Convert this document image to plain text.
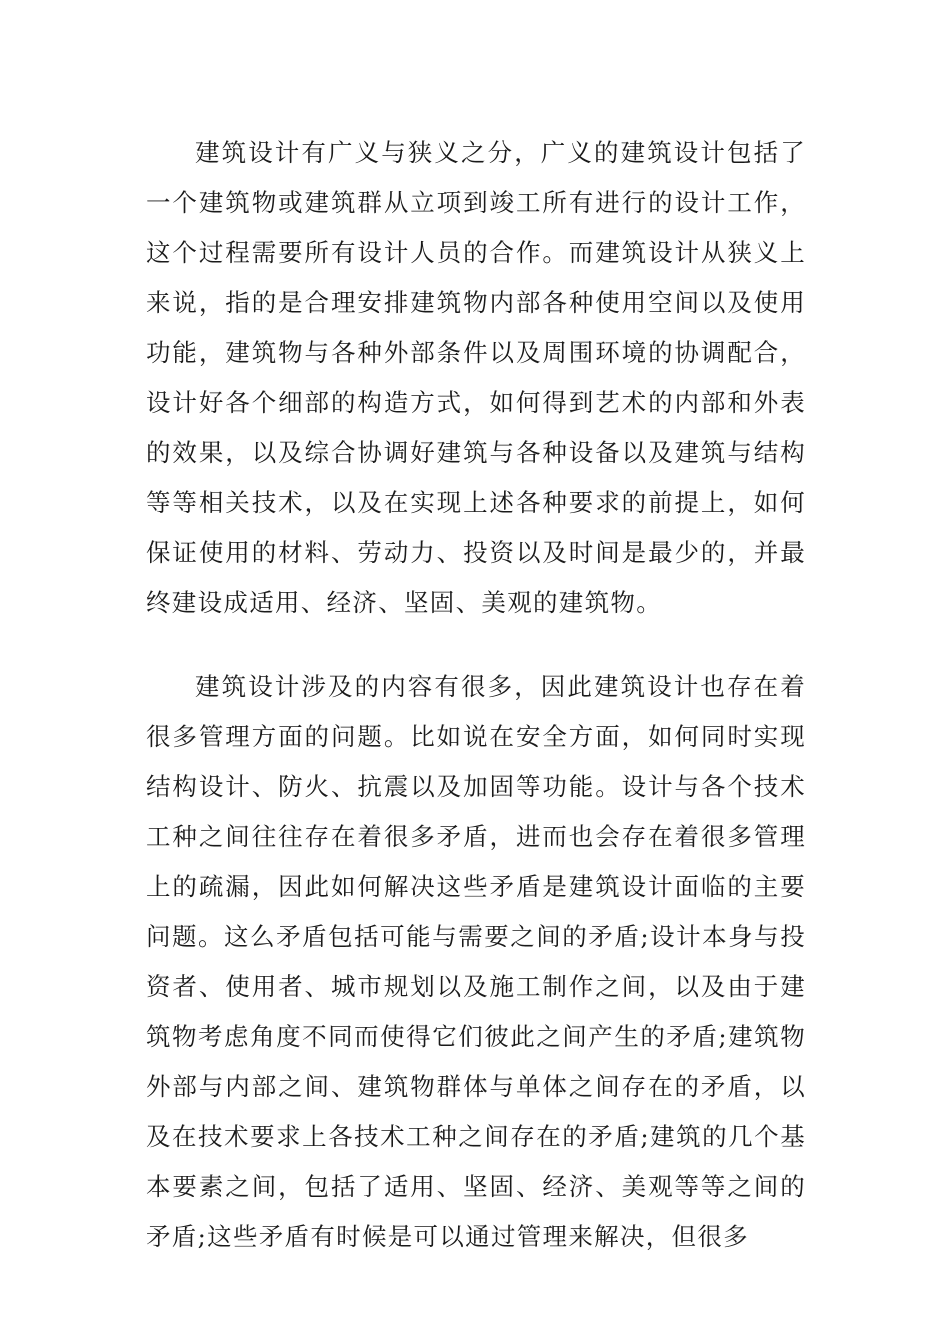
建筑设计有广义与狭义之分，广义的建筑设计包括了一个建筑物或建筑群从立项到竣工所有进行的设计工作，这个过程需要所有设计人员的合作。而建筑设计从狭义上来说，指的是合理安排建筑物内部各种使用空间以及使用功能，建筑物与各种外部条件以及周围环境的协调配合，设计好各个细部的构造方式，如何得到艺术的内部和外表的效果，以及综合协调好建筑与各种设备以及建筑与结构等等相关技术，以及在实现上述各种要求的前提上，如何保证使用的材料、劳动力、投资以及时间是最少的，并最终建设成适用、经济、坚固、美观的建筑物。

建筑设计涉及的内容有很多，因此建筑设计也存在着很多管理方面的问题。比如说在安全方面，如何同时实现结构设计、防火、抗震以及加固等功能。设计与各个技术工种之间往往存在着很多矛盾，进而也会存在着很多管理上的疏漏，因此如何解决这些矛盾是建筑设计面临的主要问题。这么矛盾包括可能与需要之间的矛盾;设计本身与投资者、使用者、城市规划以及施工制作之间，以及由于建筑物考虑角度不同而使得它们彼此之间产生的矛盾;建筑物外部与内部之间、建筑物群体与单体之间存在的矛盾，以及在技术要求上各技术工种之间存在的矛盾;建筑的几个基本要素之间，包括了适用、坚固、经济、美观等等之间的矛盾;这些矛盾有时候是可以通过管理来解决，但很多
